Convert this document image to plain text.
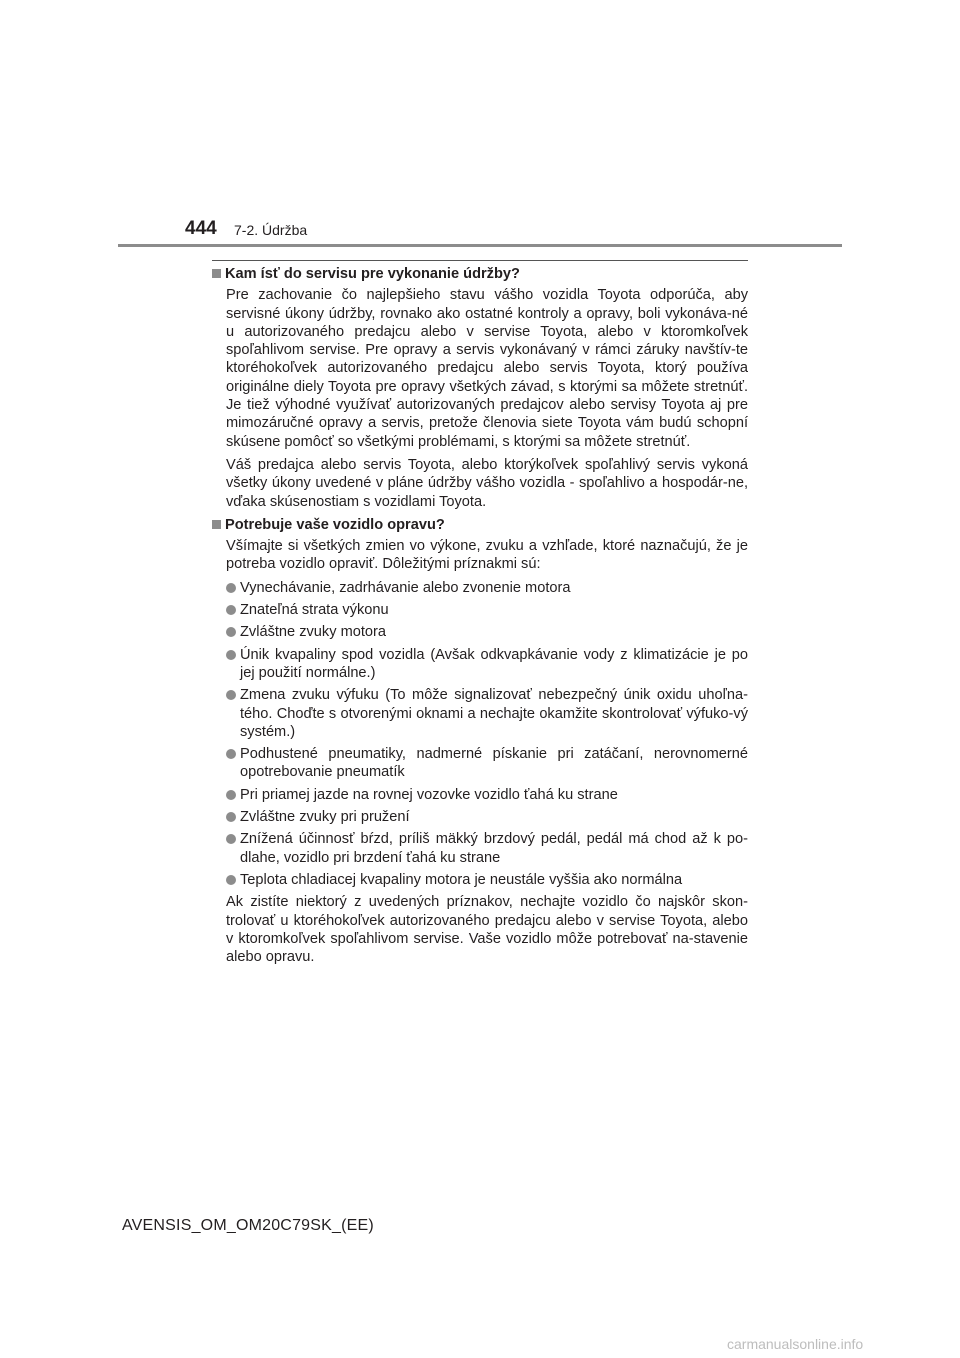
444 7-2. Údržba
Kam ísť do servisu pre vykonanie údržby?

Pre zachovanie čo najlepšieho stavu vášho vozidla Toyota odporúča, aby servisné úkony údržby, rovnako ako ostatné kontroly a opravy, boli vykonáva-né u autorizovaného predajcu alebo v servise Toyota, alebo v ktoromkoľvek spoľahlivom servise. Pre opravy a servis vykonávaný v rámci záruky navštív-te ktoréhokoľvek autorizovaného predajcu alebo servis Toyota, ktorý používa originálne diely Toyota pre opravy všetkých závad, s ktorými sa môžete stretnúť. Je tiež výhodné využívať autorizovaných predajcov alebo servisy Toyota aj pre mimozáručné opravy a servis, pretože členovia siete Toyota vám budú schopní skúsene pomôcť so všetkými problémami, s ktorými sa môžete stretnúť.

Váš predajca alebo servis Toyota, alebo ktorýkoľvek spoľahlivý servis vykoná všetky úkony uvedené v pláne údržby vášho vozidla - spoľahlivo a hospodár-ne, vďaka skúsenostiam s vozidlami Toyota.

Potrebuje vaše vozidlo opravu?

Všímajte si všetkých zmien vo výkone, zvuku a vzhľade, ktoré naznačujú, že je potreba vozidlo opraviť. Dôležitými príznakmi sú:

Vynechávanie, zadrhávanie alebo zvonenie motora
Znateľná strata výkonu
Zvláštne zvuky motora
Únik kvapaliny spod vozidla (Avšak odkvapkávanie vody z klimatizácie je po jej použití normálne.)
Zmena zvuku výfuku (To môže signalizovať nebezpečný únik oxidu uhoľna-tého. Choďte s otvorenými oknami a nechajte okamžite skontrolovať výfuko-vý systém.)
Podhustené pneumatiky, nadmerné pískanie pri zatáčaní, nerovnomerné opotrebovanie pneumatík
Pri priamej jazde na rovnej vozovke vozidlo ťahá ku strane
Zvláštne zvuky pri pružení
Znížená účinnosť bŕzd, príliš mäkký brzdový pedál, pedál má chod až k po-dlahe, vozidlo pri brzdení ťahá ku strane
Teplota chladiacej kvapaliny motora je neustále vyššia ako normálna

Ak zistíte niektorý z uvedených príznakov, nechajte vozidlo čo najskôr skon-trolovať u ktoréhokoľvek autorizovaného predajcu alebo v servise Toyota, alebo v ktoromkoľvek spoľahlivom servise. Vaše vozidlo môže potrebovať na-stavenie alebo opravu.

AVENSIS_OM_OM20C79SK_(EE)
carmanualsonline.info
